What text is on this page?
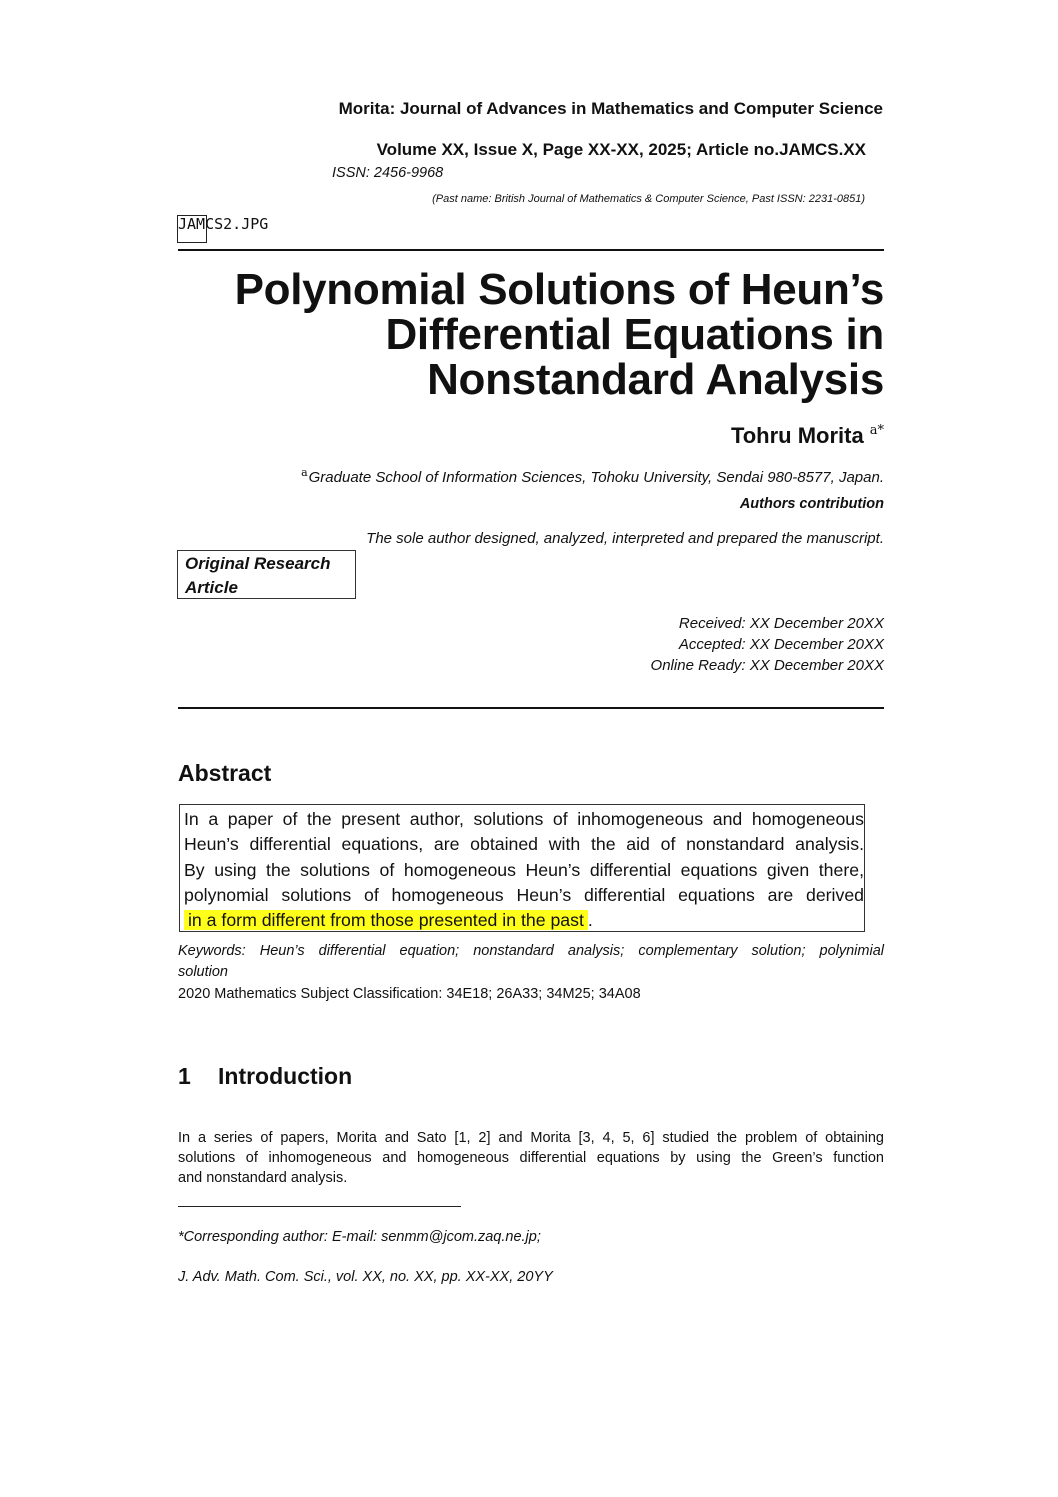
Morita: Journal of Advances in Mathematics and Computer Science
Volume XX, Issue X, Page XX-XX, 2025; Article no.JAMCS.XX
ISSN: 2456-9968
(Past name: British Journal of Mathematics & Computer Science, Past ISSN: 2231-0851)
JAMCS2.JPG
Polynomial Solutions of Heun’s
Differential Equations in
Nonstandard Analysis
Tohru Morita $^{a*}$
$^a$Graduate School of Information Sciences, Tohoku University, Sendai 980-8577, Japan.
Authors contribution
The sole author designed, analyzed, interpreted and prepared the manuscript.
Original Research
Article
Received: XX December 20XX
Accepted: XX December 20XX
Online Ready: XX December 20XX
Abstract
In a paper of the present author, solutions of inhomogeneous and homogeneous
Heun’s differential equations, are obtained with the aid of nonstandard analysis.
By using the solutions of homogeneous Heun’s differential equations given there,
polynomial solutions of homogeneous Heun’s differential equations are derived
in a form different from those presented in the past .
Keywords: Heun’s differential equation; nonstandard analysis; complementary solution; polynimial
solution
2020 Mathematics Subject Classification: 34E18; 26A33; 34M25; 34A08
1 Introduction
In a series of papers, Morita and Sato [1, 2] and Morita [3, 4, 5, 6] studied the problem of obtaining
solutions of inhomogeneous and homogeneous differential equations by using the Green’s function
and nonstandard analysis.
*Corresponding author: E-mail: senmm@jcom.zaq.ne.jp;
J. Adv. Math. Com. Sci., vol. XX, no. XX, pp. XX-XX, 20YY
